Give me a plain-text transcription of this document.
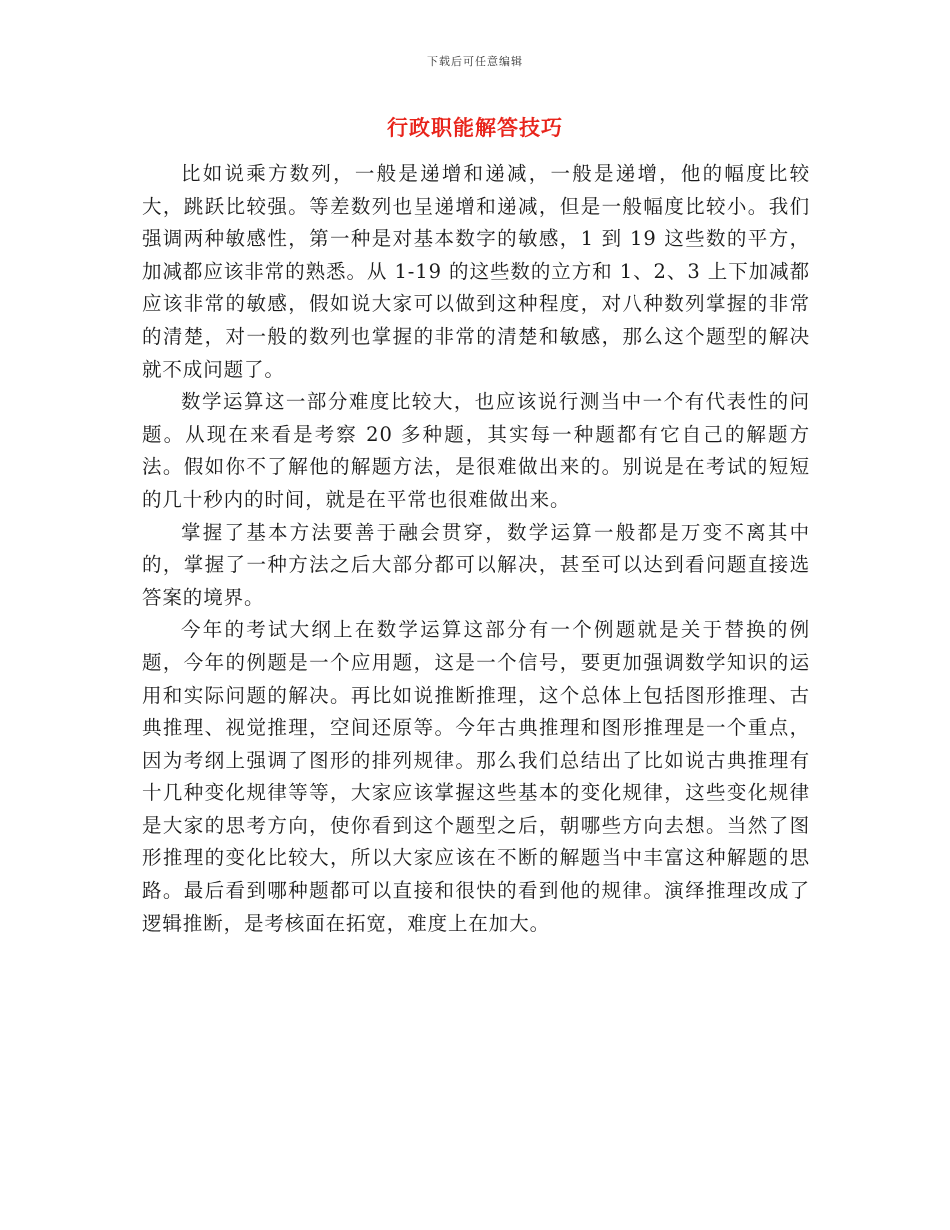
下载后可任意编辑
行政职能解答技巧

比如说乘方数列，一般是递增和递减，一般是递增，他的幅度比较大，跳跃比较强。等差数列也呈递增和递减，但是一般幅度比较小。我们强调两种敏感性，第一种是对基本数字的敏感，1 到 19 这些数的平方，加减都应该非常的熟悉。从 1-19 的这些数的立方和 1、2、3 上下加减都应该非常的敏感，假如说大家可以做到这种程度，对八种数列掌握的非常的清楚，对一般的数列也掌握的非常的清楚和敏感，那么这个题型的解决就不成问题了。

数学运算这一部分难度比较大，也应该说行测当中一个有代表性的问题。从现在来看是考察 20 多种题，其实每一种题都有它自己的解题方法。假如你不了解他的解题方法，是很难做出来的。别说是在考试的短短的几十秒内的时间，就是在平常也很难做出来。

掌握了基本方法要善于融会贯穿，数学运算一般都是万变不离其中的，掌握了一种方法之后大部分都可以解决，甚至可以达到看问题直接选答案的境界。

今年的考试大纲上在数学运算这部分有一个例题就是关于替换的例题，今年的例题是一个应用题，这是一个信号，要更加强调数学知识的运用和实际问题的解决。再比如说推断推理，这个总体上包括图形推理、古典推理、视觉推理，空间还原等。今年古典推理和图形推理是一个重点，因为考纲上强调了图形的排列规律。那么我们总结出了比如说古典推理有十几种变化规律等等，大家应该掌握这些基本的变化规律，这些变化规律是大家的思考方向，使你看到这个题型之后，朝哪些方向去想。当然了图形推理的变化比较大，所以大家应该在不断的解题当中丰富这种解题的思路。最后看到哪种题都可以直接和很快的看到他的规律。演绎推理改成了逻辑推断，是考核面在拓宽，难度上在加大。
